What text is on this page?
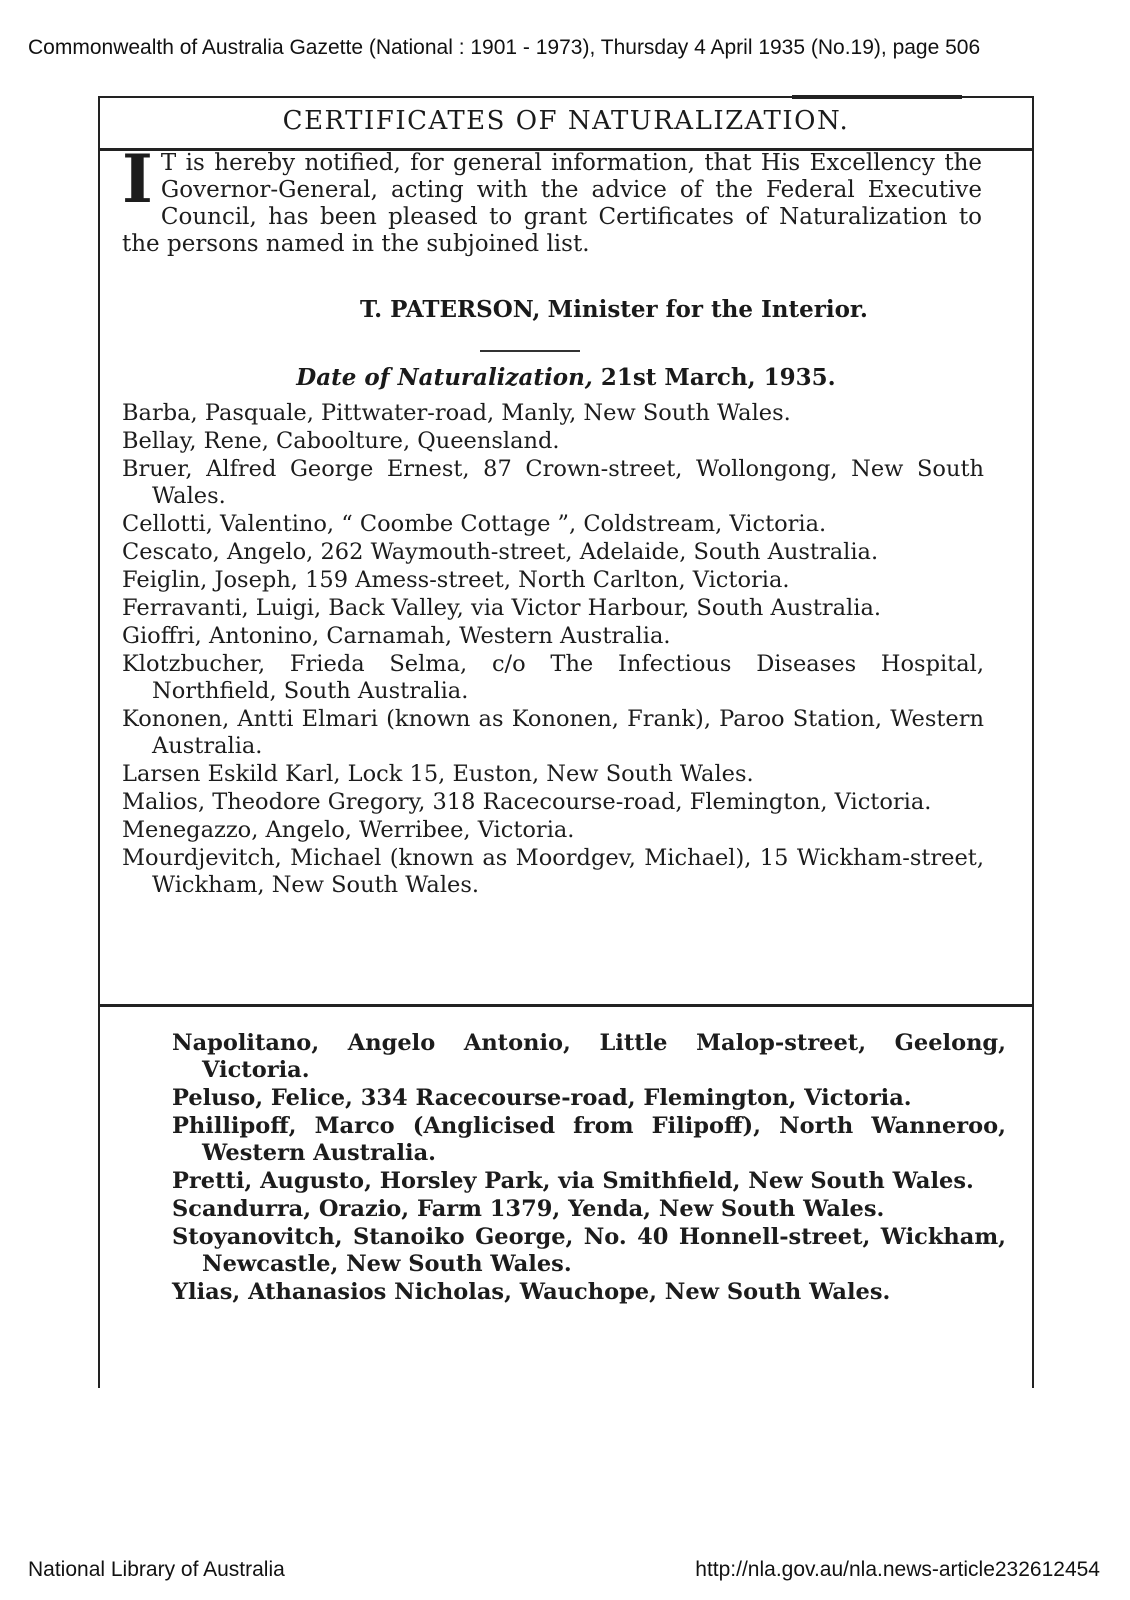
Commonwealth of Australia Gazette (National : 1901 - 1973), Thursday 4 April 1935 (No.19), page 506
CERTIFICATES OF NATURALIZATION.
I T is hereby notified, for general information, that His Excellency the Governor-General, acting with the advice of the Federal Executive Council, has been pleased to grant Certificates of Naturalization to the persons named in the subjoined list.
T. PATERSON, Minister for the Interior.
Date of Naturalization, 21st March, 1935.
Barba, Pasquale, Pittwater-road, Manly, New South Wales.
Bellay, Rene, Caboolture, Queensland.
Bruer, Alfred George Ernest, 87 Crown-street, Wollongong, New South Wales.
Cellotti, Valentino, “ Coombe Cottage ”, Coldstream, Victoria.
Cescato, Angelo, 262 Waymouth-street, Adelaide, South Australia.
Feiglin, Joseph, 159 Amess-street, North Carlton, Victoria.
Ferravanti, Luigi, Back Valley, via Victor Harbour, South Australia.
Gioffri, Antonino, Carnamah, Western Australia.
Klotzbucher, Frieda Selma, c/o The Infectious Diseases Hospital, Northfield, South Australia.
Kononen, Antti Elmari (known as Kononen, Frank), Paroo Station, Western Australia.
Larsen Eskild Karl, Lock 15, Euston, New South Wales.
Malios, Theodore Gregory, 318 Racecourse-road, Flemington, Victoria.
Menegazzo, Angelo, Werribee, Victoria.
Mourdjevitch, Michael (known as Moordgev, Michael), 15 Wickham-street, Wickham, New South Wales.
Napolitano, Angelo Antonio, Little Malop-street, Geelong, Victoria.
Peluso, Felice, 334 Racecourse-road, Flemington, Victoria.
Phillipoff, Marco (Anglicised from Filipoff), North Wanneroo, Western Australia.
Pretti, Augusto, Horsley Park, via Smithfield, New South Wales.
Scandurra, Orazio, Farm 1379, Yenda, New South Wales.
Stoyanovitch, Stanoiko George, No. 40 Honnell-street, Wickham, Newcastle, New South Wales.
Ylias, Athanasios Nicholas, Wauchope, New South Wales.
National Library of Australia	http://nla.gov.au/nla.news-article232612454
